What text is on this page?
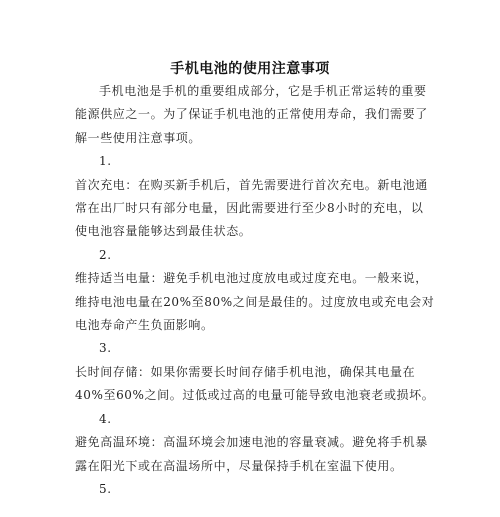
手机电池的使用注意事项

手机电池是手机的重要组成部分，它是手机正常运转的重要能源供应之一。为了保证手机电池的正常使用寿命，我们需要了解一些使用注意事项。

1.

首次充电：在购买新手机后，首先需要进行首次充电。新电池通常在出厂时只有部分电量，因此需要进行至少8小时的充电，以使电池容量能够达到最佳状态。

2.

维持适当电量：避免手机电池过度放电或过度充电。一般来说，维持电池电量在20%至80%之间是最佳的。过度放电或充电会对电池寿命产生负面影响。

3.

长时间存储：如果你需要长时间存储手机电池，确保其电量在40%至60%之间。过低或过高的电量可能导致电池衰老或损坏。

4.

避免高温环境：高温环境会加速电池的容量衰减。避免将手机暴露在阳光下或在高温场所中，尽量保持手机在室温下使用。

5.
